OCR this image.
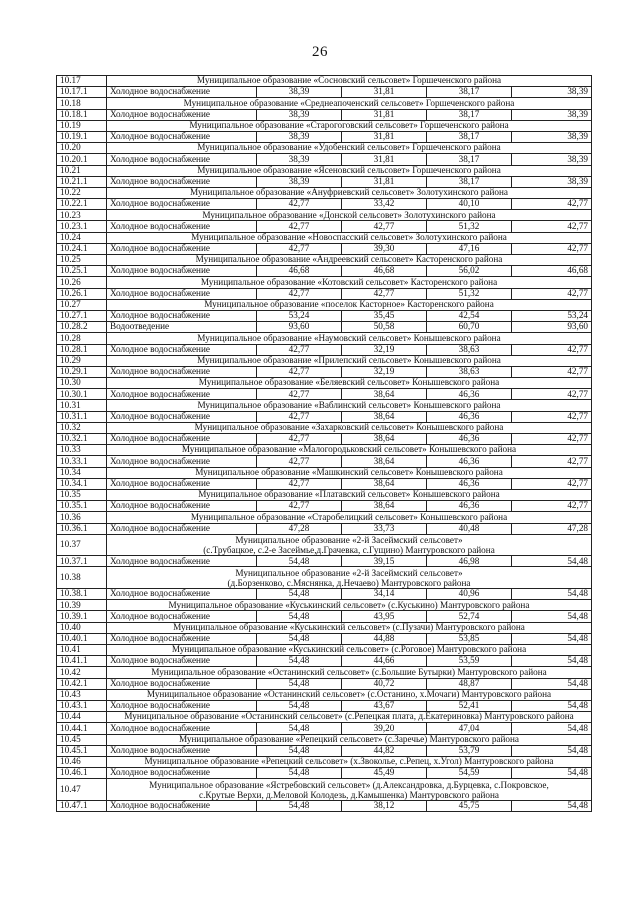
26
10.17	Муниципальное образование «Сосновский сельсовет» Горшеченского района				
10.17.1	Холодное водоснабжение	38,39	31,81	38,17	38,39
10.18	Муниципальное образование «Среднеапоченский сельсовет» Горшеченского района				
10.18.1	Холодное водоснабжение	38,39	31,81	38,17	38,39
10.19	Муниципальное образование «Старогоговский сельсовет» Горшеченского района				
10.19.1	Холодное водоснабжение	38,39	31,81	38,17	38,39
10.20	Муниципальное образование «Удобенский сельсовет» Горшеченского района				
10.20.1	Холодное водоснабжение	38,39	31,81	38,17	38,39
10.21	Муниципальное образование «Ясеновский сельсовет» Горшеченского района				
10.21.1	Холодное водоснабжение	38,39	31,81	38,17	38,39
10.22	Муниципальное образование «Ануфриевский сельсовет» Золотухинского района				
10.22.1	Холодное водоснабжение	42,77	33,42	40,10	42,77
10.23	Муниципальное образование «Донской сельсовет» Золотухинского района				
10.23.1	Холодное водоснабжение	42,77	42,77	51,32	42,77
10.24	Муниципальное образование «Новоспасский сельсовет» Золотухинского района				
10.24.1	Холодное водоснабжение	42,77	39,30	47,16	42,77
10.25	Муниципальное образование «Андреевский сельсовет» Касторенского района				
10.25.1	Холодное водоснабжение	46,68	46,68	56,02	46,68
10.26	Муниципальное образование «Котовский сельсовет» Касторенского района				
10.26.1	Холодное водоснабжение	42,77	42,77	51,32	42,77
10.27	Муниципальное образование «поселок Касторное» Касторенского района				
10.27.1	Холодное водоснабжение	53,24	35,45	42,54	53,24
10.28.2	Водоотведение	93,60	50,58	60,70	93,60
10.28	Муниципальное образование «Наумовский сельсовет» Конышевского района				
10.28.1	Холодное водоснабжение	42,77	32,19	38,63	42,77
10.29	Муниципальное образование «Прилепский сельсовет» Конышевского района				
10.29.1	Холодное водоснабжение	42,77	32,19	38,63	42,77
10.30	Муниципальное образование «Беляевский сельсовет» Конышевского района				
10.30.1	Холодное водоснабжение	42,77	38,64	46,36	42,77
10.31	Муниципальное образование «Ваблинский сельсовет» Конышевского района				
10.31.1	Холодное водоснабжение	42,77	38,64	46,36	42,77
10.32	Муниципальное образование «Захарковский сельсовет» Конышевского района				
10.32.1	Холодное водоснабжение	42,77	38,64	46,36	42,77
10.33	Муниципальное образование «Малогородьковский сельсовет» Конышевского района				
10.33.1	Холодное водоснабжение	42,77	38,64	46,36	42,77
10.34	Муниципальное образование «Машкинский сельсовет» Конышевского района				
10.34.1	Холодное водоснабжение	42,77	38,64	46,36	42,77
10.35	Муниципальное образование «Платавский сельсовет» Конышевского района				
10.35.1	Холодное водоснабжение	42,77	38,64	46,36	42,77
10.36	Муниципальное образование «Старобелицкий сельсовет» Конышевского района				
10.36.1	Холодное водоснабжение	47,28	33,73	40,48	47,28
10.37	Муниципальное образование «2-й Засеймский сельсовет»
(с.Трубацкое, с.2-е Засеймье,д.Грачевка, с.Гущино) Мантуровского района				
10.37.1	Холодное водоснабжение	54,48	39,15	46,98	54,48
10.38	Муниципальное образование «2-й Засеймский сельсовет»
(д.Борзенково, с.Мяснянка, д.Нечаево) Мантуровского района				
10.38.1	Холодное водоснабжение	54,48	34,14	40,96	54,48
10.39	Муниципальное образование «Куськинский сельсовет» (с.Куськино) Мантуровского района				
10.39.1	Холодное водоснабжение	54,48	43,95	52,74	54,48
10.40	Муниципальное образование «Куськинский сельсовет» (с.Пузачи) Мантуровского района				
10.40.1	Холодное водоснабжение	54,48	44,88	53,85	54,48
10.41	Муниципальное образование «Куськинский сельсовет» (с.Роговое) Мантуровского района				
10.41.1	Холодное водоснабжение	54,48	44,66	53,59	54,48
10.42	Муниципальное образование «Останинский сельсовет» (с.Большие Бутырки) Мантуровского района				
10.42.1	Холодное водоснабжение	54,48	40,72	48,87	54,48
10.43	Муниципальное образование «Останинский сельсовет» (с.Останино, х.Мочаги) Мантуровского района				
10.43.1	Холодное водоснабжение	54,48	43,67	52,41	54,48
10.44	Муниципальное образование «Останинский сельсовет» (с.Репецкая плата, д.Екатериновка) Мантуровского района				
10.44.1	Холодное водоснабжение	54,48	39,20	47,04	54,48
10.45	Муниципальное образование «Репецкий сельсовет» (с.Заречье) Мантуровского района				
10.45.1	Холодное водоснабжение	54,48	44,82	53,79	54,48
10.46	Муниципальное образование «Репецкий сельсовет» (х.Звоколье, с.Репец, х.Угол) Мантуровского района				
10.46.1	Холодное водоснабжение	54,48	45,49	54,59	54,48
10.47	Муниципальное образование «Ястребовский сельсовет» (д.Александровка, д.Бурцевка, с.Покровское,
с.Крутые Верхи, д.Меловой Колодезь, д.Камышенка) Мантуровского района				
10.47.1	Холодное водоснабжение	54,48	38,12	45,75	54,48
